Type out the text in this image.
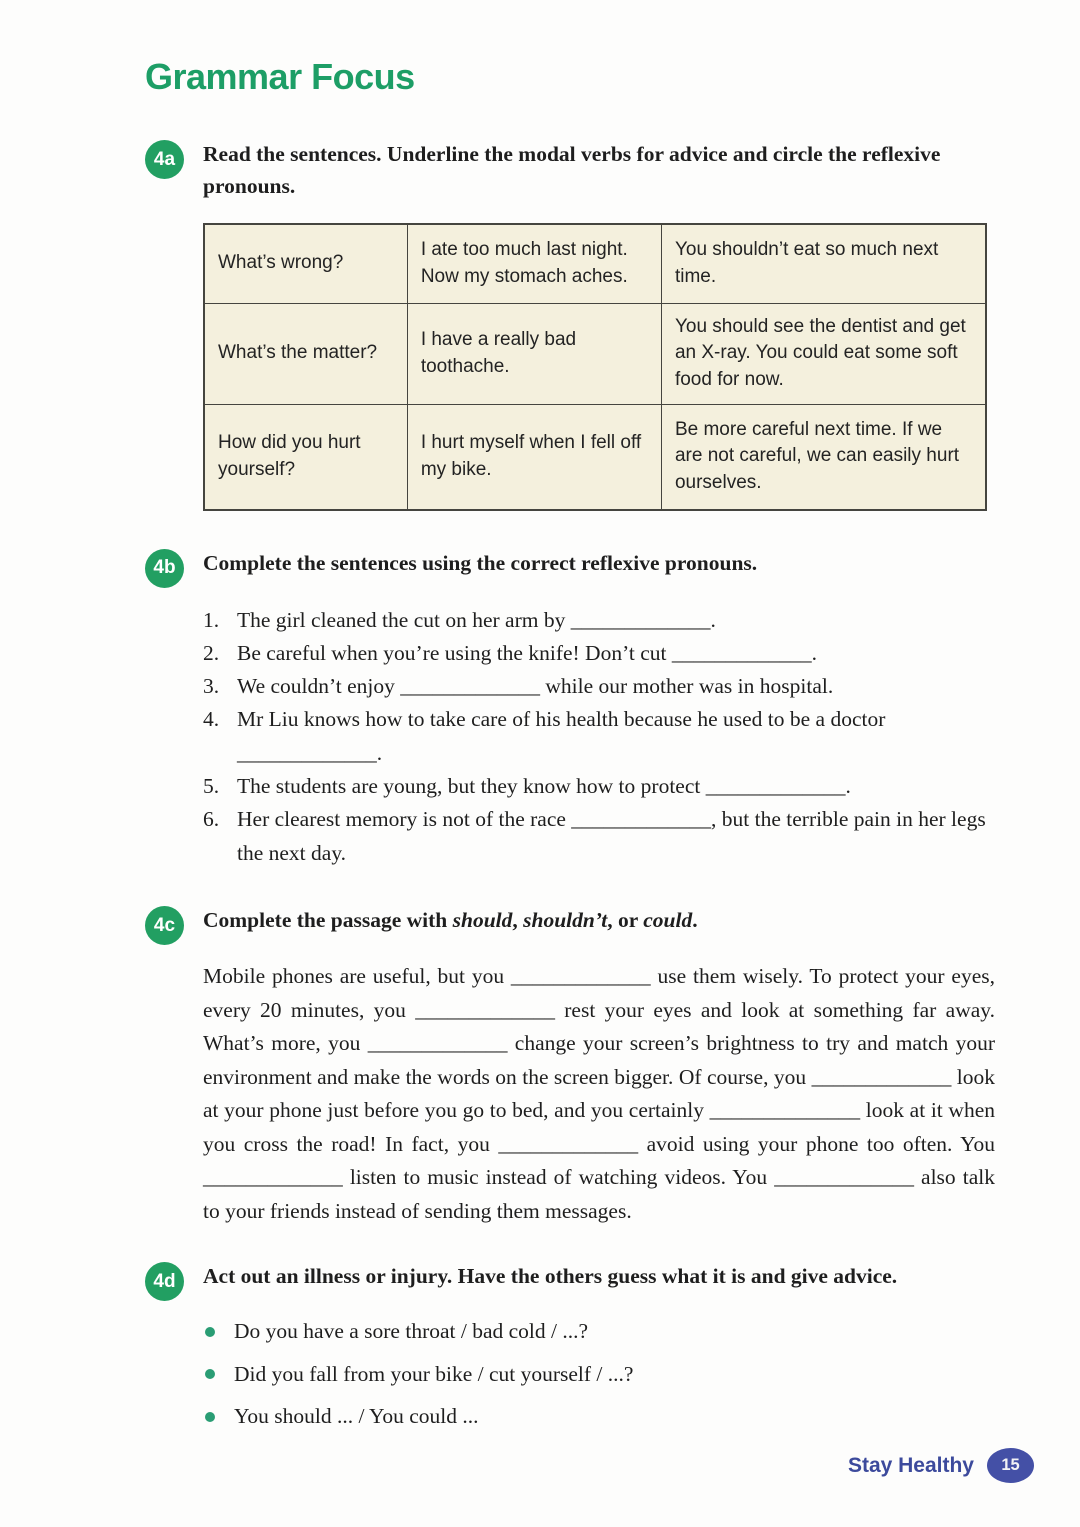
Grammar Focus
4a	Read the sentences. Underline the modal verbs for advice and circle the reflexive pronouns.
What’s wrong?	I ate too much last night. Now my stomach aches.	You shouldn’t eat so much next time.
What’s the matter?	I have a really bad toothache.	You should see the dentist and get an X-ray. You could eat some soft food for now.
How did you hurt yourself?	I hurt myself when I fell off my bike.	Be more careful next time. If we are not careful, we can easily hurt ourselves.
4b	Complete the sentences using the correct reflexive pronouns.
1. The girl cleaned the cut on her arm by _____________.
2. Be careful when you’re using the knife! Don’t cut _____________.
3. We couldn’t enjoy _____________ while our mother was in hospital.
4. Mr Liu knows how to take care of his health because he used to be a doctor _____________.
5. The students are young, but they know how to protect _____________.
6. Her clearest memory is not of the race _____________, but the terrible pain in her legs the next day.
4c	Complete the passage with should, shouldn’t, or could.
Mobile phones are useful, but you _____________ use them wisely. To protect your eyes, every 20 minutes, you _____________ rest your eyes and look at something far away. What’s more, you _____________ change your screen’s brightness to try and match your environment and make the words on the screen bigger. Of course, you _____________ look at your phone just before you go to bed, and you certainly ______________ look at it when you cross the road! In fact, you _____________ avoid using your phone too often. You _____________ listen to music instead of watching videos. You _____________ also talk to your friends instead of sending them messages.
4d	Act out an illness or injury. Have the others guess what it is and give advice.
Do you have a sore throat / bad cold / ...?
Did you fall from your bike / cut yourself / ...?
You should ... / You could ...
Stay Healthy	15
